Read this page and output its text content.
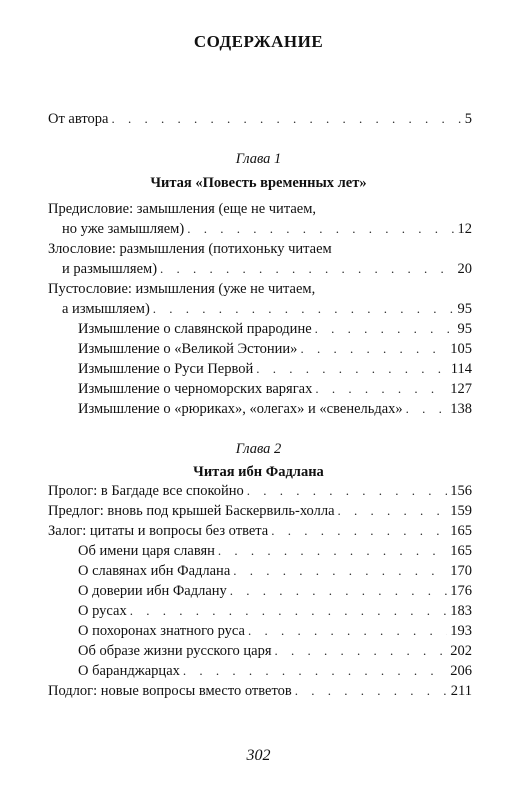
СОДЕРЖАНИЕ
От автора . . .	5
Глава 1
Читая «Повесть временных лет»
Предисловие: замышления (еще не читаем,
но уже замышляем) . . .	12
Злословие: размышления (потихоньку читаем
и размышляем) . . .	20
Пустословие: измышления (уже не читаем,
а измышляем) . . .	95
Измышление о славянской прародине . . .	95
Измышление о «Великой Эстонии» . . .	105
Измышление о Руси Первой . . .	114
Измышление о черноморских варягах . . .	127
Измышление о «рюриках», «олегах» и «свенельдах» . . .	138
Глава 2
Читая ибн Фадлана
Пролог: в Багдаде все спокойно . . .	156
Предлог: вновь под крышей Баскервиль-холла . . .	159
Залог: цитаты и вопросы без ответа . . .	165
Об имени царя славян . . .	165
О славянах ибн Фадлана . . .	170
О доверии ибн Фадлану . . .	176
О русах . . .	183
О похоронах знатного руса . . .	193
Об образе жизни русского царя . . .	202
О баранджарцах . . .	206
Подлог: новые вопросы вместо ответов . . .	211
302
